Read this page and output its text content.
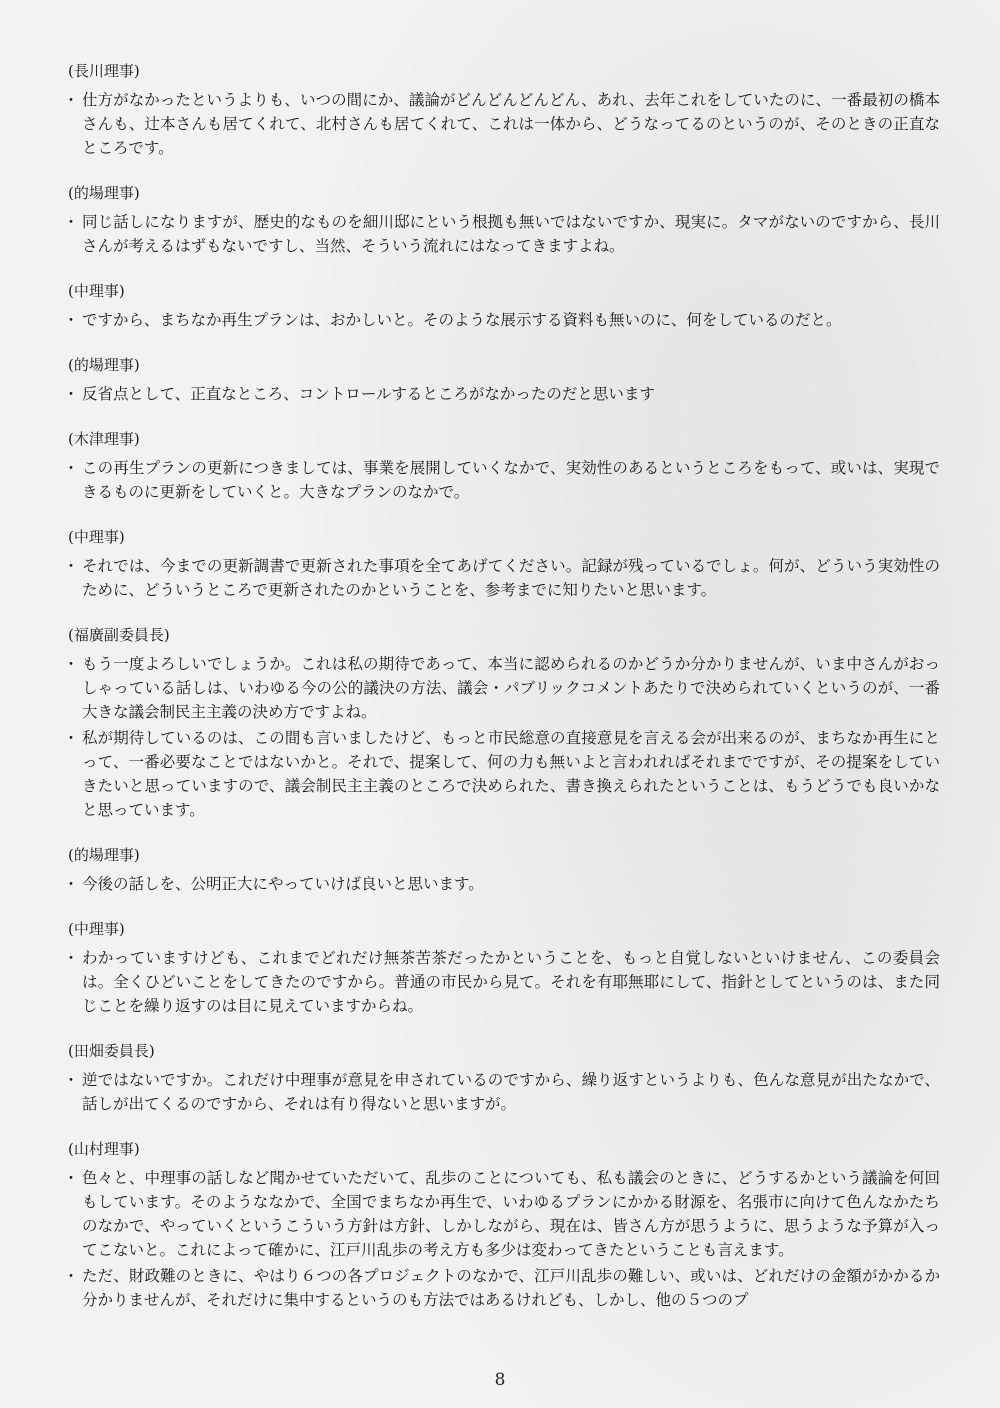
(長川理事)
・ 仕方がなかったというよりも、いつの間にか、議論がどんどんどんどん、あれ、去年これをしていたのに、一番最初の橋本さんも、辻本さんも居てくれて、北村さんも居てくれて、これは一体から、どうなってるのというのが、そのときの正直なところです。
(的場理事)
・ 同じ話しになりますが、歴史的なものを細川邸にという根拠も無いではないですか、現実に。タマがないのですから、長川さんが考えるはずもないですし、当然、そういう流れにはなってきますよね。
(中理事)
・ ですから、まちなか再生プランは、おかしいと。そのような展示する資料も無いのに、何をしているのだと。
(的場理事)
・ 反省点として、正直なところ、コントロールするところがなかったのだと思います
(木津理事)
・ この再生プランの更新につきましては、事業を展開していくなかで、実効性のあるというところをもって、或いは、実現できるものに更新をしていくと。大きなプランのなかで。
(中理事)
・ それでは、今までの更新調書で更新された事項を全てあげてください。記録が残っているでしょ。何が、どういう実効性のために、どういうところで更新されたのかということを、参考までに知りたいと思います。
(福廣副委員長)
・ もう一度よろしいでしょうか。これは私の期待であって、本当に認められるのかどうか分かりませんが、いま中さんがおっしゃっている話しは、いわゆる今の公的議決の方法、議会・パブリックコメントあたりで決められていくというのが、一番大きな議会制民主主義の決め方ですよね。
・ 私が期待しているのは、この間も言いましたけど、もっと市民総意の直接意見を言える会が出来るのが、まちなか再生にとって、一番必要なことではないかと。それで、提案して、何の力も無いよと言われればそれまでですが、その提案をしていきたいと思っていますので、議会制民主主義のところで決められた、書き換えられたということは、もうどうでも良いかなと思っています。
(的場理事)
・ 今後の話しを、公明正大にやっていけば良いと思います。
(中理事)
・ わかっていますけども、これまでどれだけ無茶苦茶だったかということを、もっと自覚しないといけません、この委員会は。全くひどいことをしてきたのですから。普通の市民から見て。それを有耶無耶にして、指針としてというのは、また同じことを繰り返すのは目に見えていますからね。
(田畑委員長)
・ 逆ではないですか。これだけ中理事が意見を申されているのですから、繰り返すというよりも、色んな意見が出たなかで、話しが出てくるのですから、それは有り得ないと思いますが。
(山村理事)
・ 色々と、中理事の話しなど聞かせていただいて、乱歩のことについても、私も議会のときに、どうするかという議論を何回もしています。そのようななかで、全国でまちなか再生で、いわゆるプランにかかる財源を、名張市に向けて色んなかたちのなかで、やっていくというこういう方針は方針、しかしながら、現在は、皆さん方が思うように、思うような予算が入ってこないと。これによって確かに、江戸川乱歩の考え方も多少は変わってきたということも言えます。
・ ただ、財政難のときに、やはり６つの各プロジェクトのなかで、江戸川乱歩の難しい、或いは、どれだけの金額がかかるか分かりませんが、それだけに集中するというのも方法ではあるけれども、しかし、他の５つのプ
8
